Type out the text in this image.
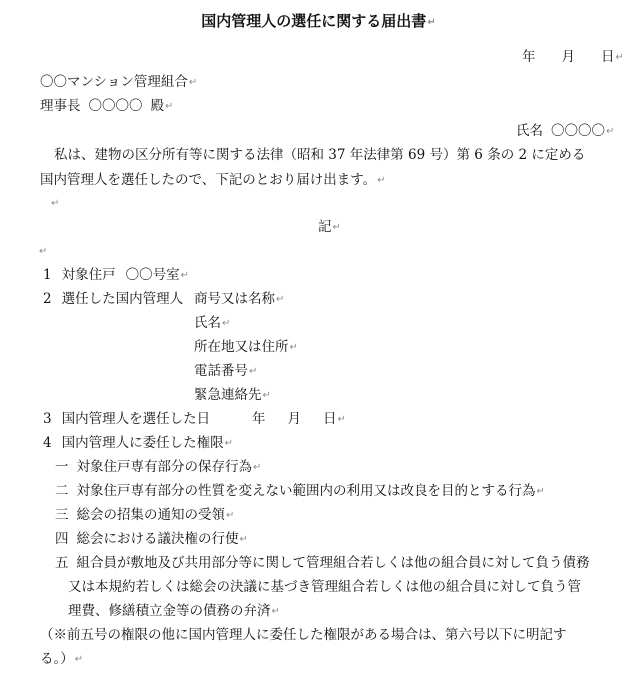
国内管理人の選任に関する届出書↵
年 月 日↵
〇〇マンション管理組合↵
理事長 〇〇〇〇 殿↵
氏名 〇〇〇〇↵
私は、建物の区分所有等に関する法律（昭和 37 年法律第 69 号）第 6 条の 2 に定める
国内管理人を選任したので、下記のとおり届け出ます。↵
↵
記↵
↵
1 対象住戸 〇〇号室↵
2 選任した国内管理人 商号又は名称↵
氏名↵
所在地又は住所↵
電話番号↵
緊急連絡先↵
3 国内管理人を選任した日	年 月 日↵
4 国内管理人に委任した権限↵
一 対象住戸専有部分の保存行為↵
二 対象住戸専有部分の性質を変えない範囲内の利用又は改良を目的とする行為↵
三 総会の招集の通知の受領↵
四 総会における議決権の行使↵
五 組合員が敷地及び共用部分等に関して管理組合若しくは他の組合員に対して負う債務
又は本規約若しくは総会の決議に基づき管理組合若しくは他の組合員に対して負う管
理費、修繕積立金等の債務の弁済↵
（※前五号の権限の他に国内管理人に委任した権限がある場合は、第六号以下に明記す
る。）↵
